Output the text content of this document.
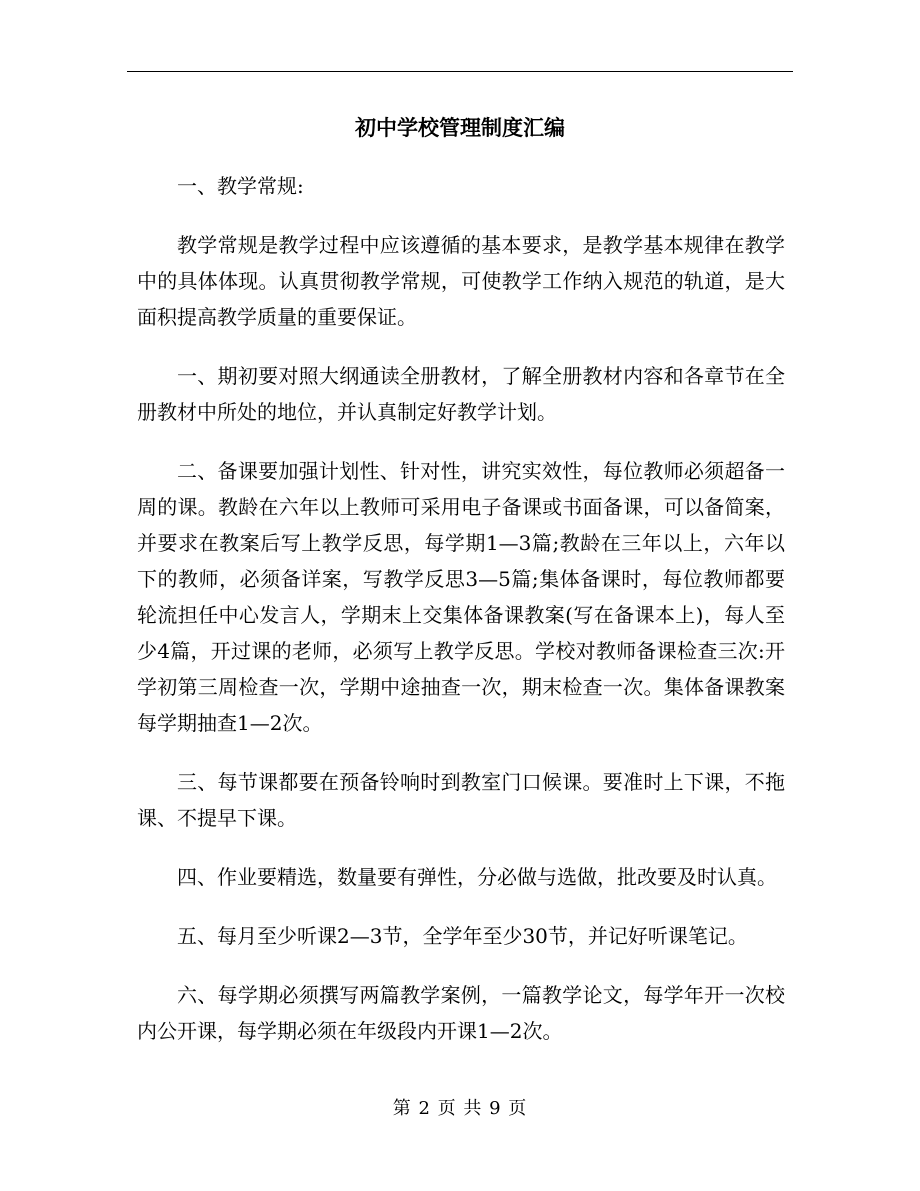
初中学校管理制度汇编

一、教学常规:

教学常规是教学过程中应该遵循的基本要求，是教学基本规律在教学中的具体体现。认真贯彻教学常规，可使教学工作纳入规范的轨道，是大面积提高教学质量的重要保证。

一、期初要对照大纲通读全册教材，了解全册教材内容和各章节在全册教材中所处的地位，并认真制定好教学计划。

二、备课要加强计划性、针对性，讲究实效性，每位教师必须超备一周的课。教龄在六年以上教师可采用电子备课或书面备课，可以备简案，并要求在教案后写上教学反思，每学期1—3篇;教龄在三年以上，六年以下的教师，必须备详案，写教学反思3—5篇;集体备课时，每位教师都要轮流担任中心发言人，学期末上交集体备课教案(写在备课本上)，每人至少4篇，开过课的老师，必须写上教学反思。学校对教师备课检查三次:开学初第三周检查一次，学期中途抽查一次，期末检查一次。集体备课教案每学期抽查1—2次。

三、每节课都要在预备铃响时到教室门口候课。要准时上下课，不拖课、不提早下课。

四、作业要精选，数量要有弹性，分必做与选做，批改要及时认真。

五、每月至少听课2—3节，全学年至少30节，并记好听课笔记。

六、每学期必须撰写两篇教学案例，一篇教学论文，每学年开一次校内公开课，每学期必须在年级段内开课1—2次。

第 2 页 共 9 页
